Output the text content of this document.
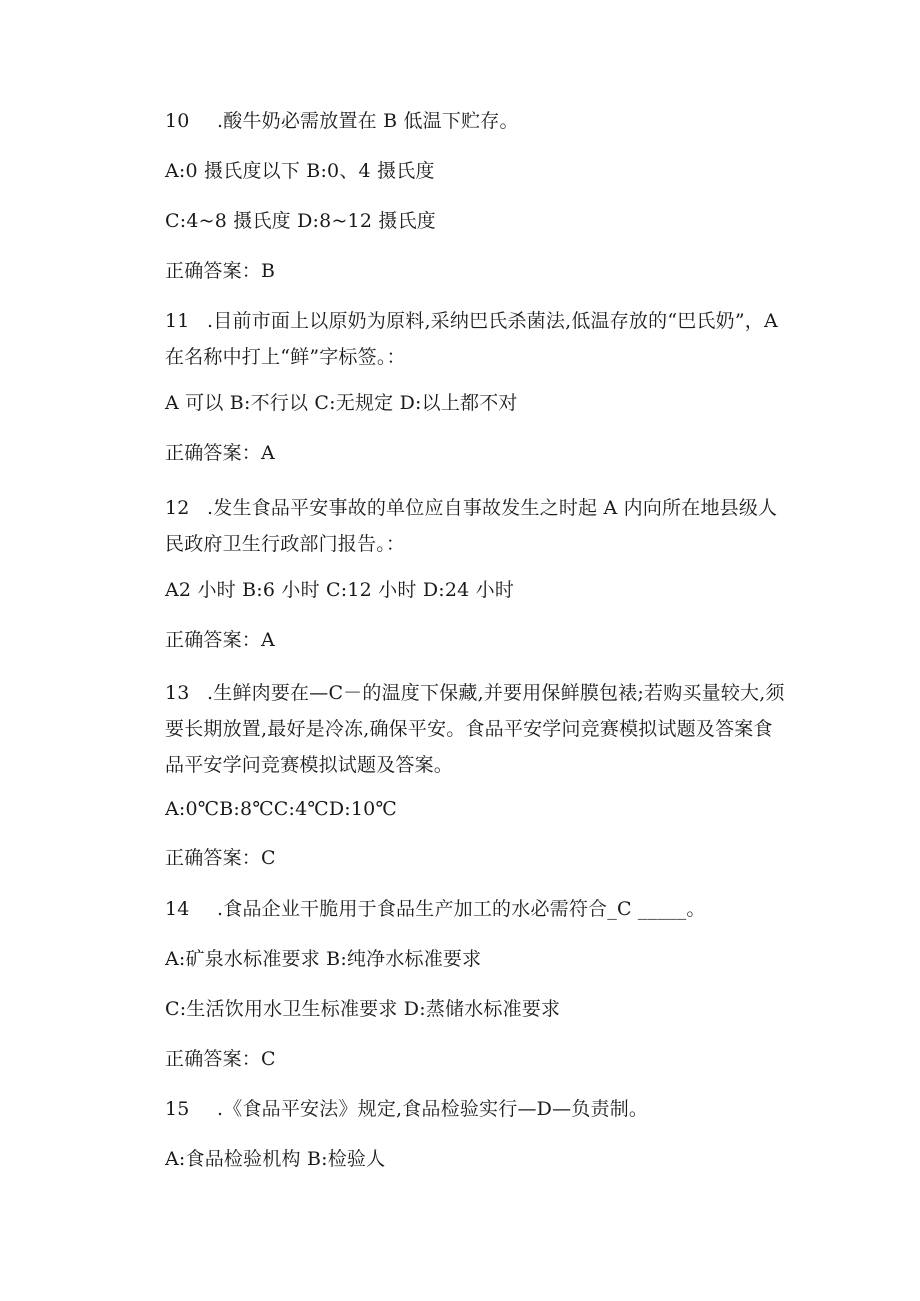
10 .酸牛奶必需放置在 B 低温下贮存。
A:0 摄氏度以下 B:0、4 摄氏度
C:4~8 摄氏度 D:8~12 摄氏度
正确答案：B
11 .目前市面上以原奶为原料,采纳巴氏杀菌法,低温存放的“巴氏奶”，A 在名称中打上“鲜”字标签。：
A 可以 B:不行以 C:无规定 D:以上都不对
正确答案：A
12 .发生食品平安事故的单位应自事故发生之时起 A 内向所在地县级人民政府卫生行政部门报告。：
A2 小时 B:6 小时 C:12 小时 D:24 小时
正确答案：A
13 .生鲜肉要在—C－的温度下保藏,并要用保鲜膜包裱;若购买量较大,须要长期放置,最好是冷冻,确保平安。食品平安学问竞赛模拟试题及答案食品平安学问竞赛模拟试题及答案。
A:0℃B:8℃C:4℃D:10℃
正确答案：C
14 .食品企业干脆用于食品生产加工的水必需符合_C _____。
A:矿泉水标准要求 B:纯净水标准要求
C:生活饮用水卫生标准要求 D:蒸储水标准要求
正确答案：C
15 .《食品平安法》规定,食品检验实行—D—负责制。
A:食品检验机构 B:检验人
